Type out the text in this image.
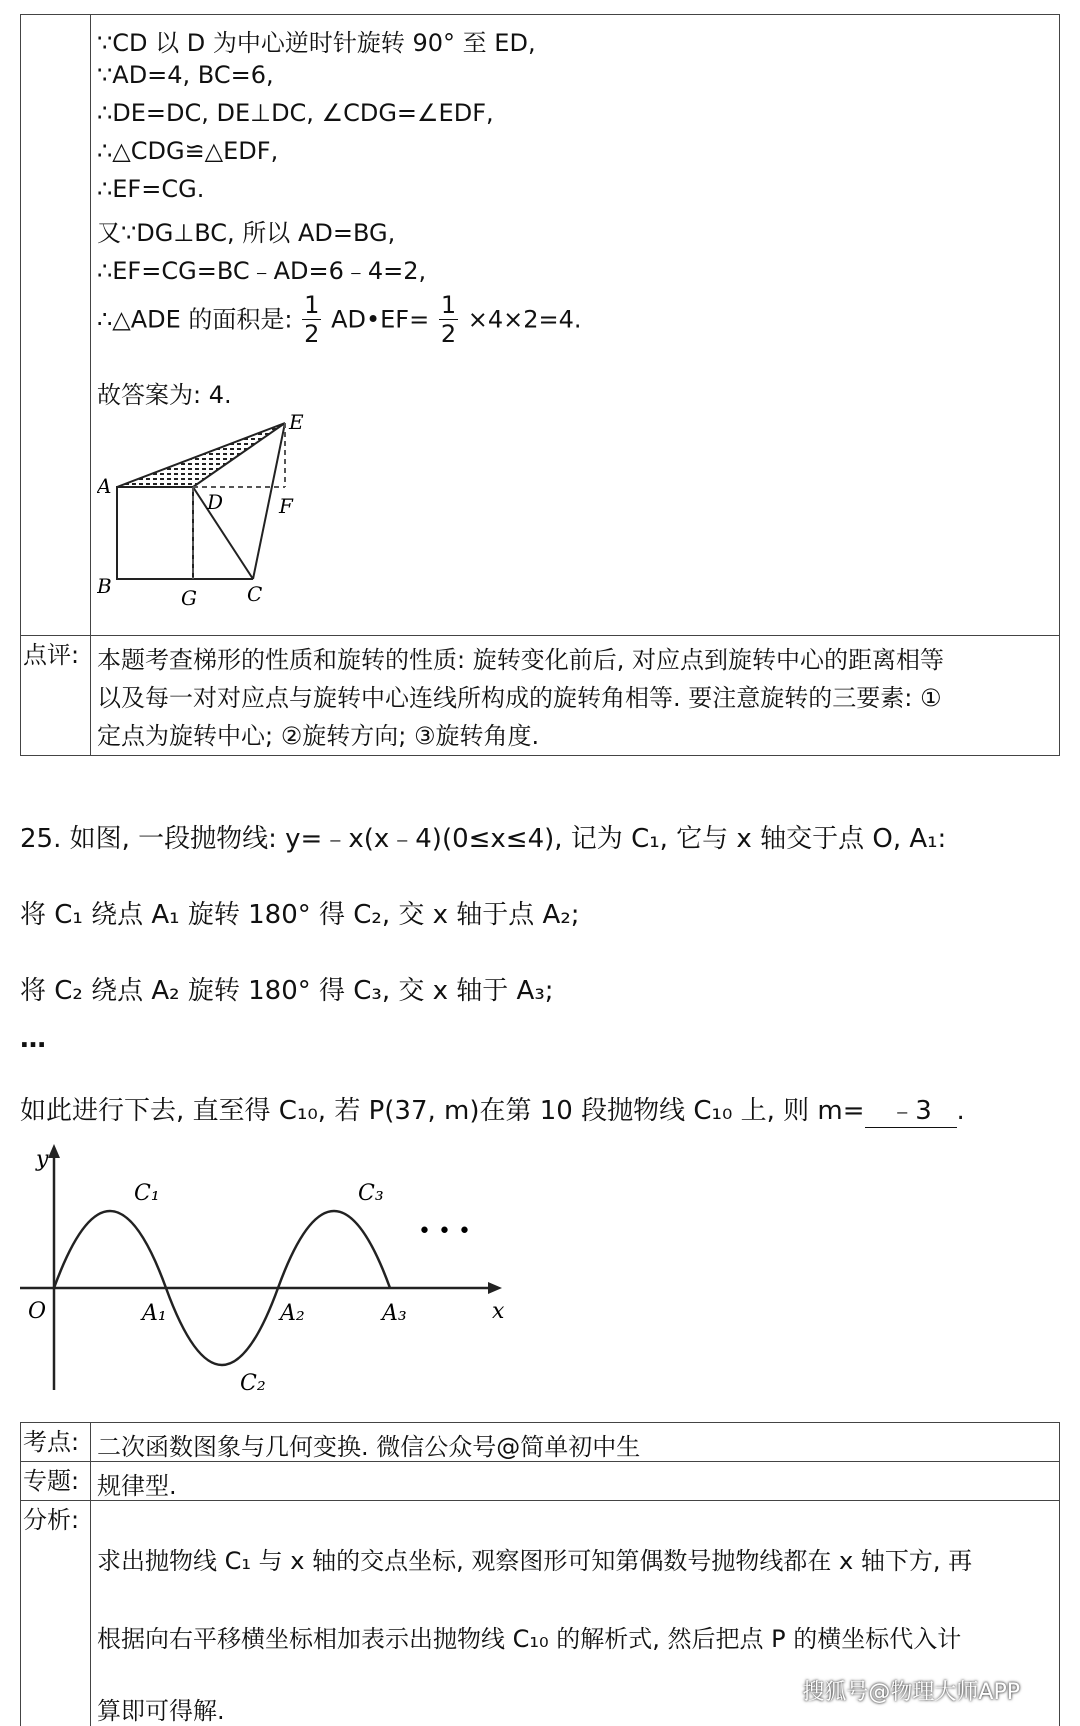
∵CD 以 D 为中心逆时针旋转 90° 至 ED,
∵AD=4, BC=6,
∴DE=DC, DE⊥DC, ∠CDG=∠EDF,
∴△CDG≌△EDF,
∴EF=CG.
又∵DG⊥BC, 所以 AD=BG,
∴EF=CG=BC﹣AD=6﹣4=2,
∴△ADE 的面积是: $\frac{1}{2}$ AD•EF= $\frac{1}{2} \times 4\times 2=4$.
故答案为: 4.
A
B	C
D
E
F
G
点评: 本题考查梯形的性质和旋转的性质: 旋转变化前后, 对应点到旋转中心的距离相等
以及每一对对应点与旋转中心连线所构成的旋转角相等. 要注意旋转的三要素: ①
定点为旋转中心; ②旋转方向; ③旋转角度.
25. 如图, 一段抛物线: y=﹣x(x﹣4)(0≤x≤4), 记为 C₁, 它与 x 轴交于点 O, A₁:
将 C₁ 绕点 A₁ 旋转 180° 得 C₂, 交 x 轴于点 A₂;
将 C₂ 绕点 A₂ 旋转 180° 得 C₃, 交 x 轴于 A₃;
…
如此进行下去, 直至得 C₁₀, 若 P(37, m)在第 10 段抛物线 C₁₀ 上, 则 m= ﹣3 .
y
x
O
C₁
C₂
C₃
A₁	A₂	A₃
• • •
考点: 二次函数图象与几何变换. 微信公众号@简单初中生
专题: 规律型.
分析:
求出抛物线 C₁ 与 x 轴的交点坐标, 观察图形可知第偶数号抛物线都在 x 轴下方, 再
根据向右平移横坐标相加表示出抛物线 C₁₀ 的解析式, 然后把点 P 的横坐标代入计
算即可得解.
搜狐号@物理大师APP
